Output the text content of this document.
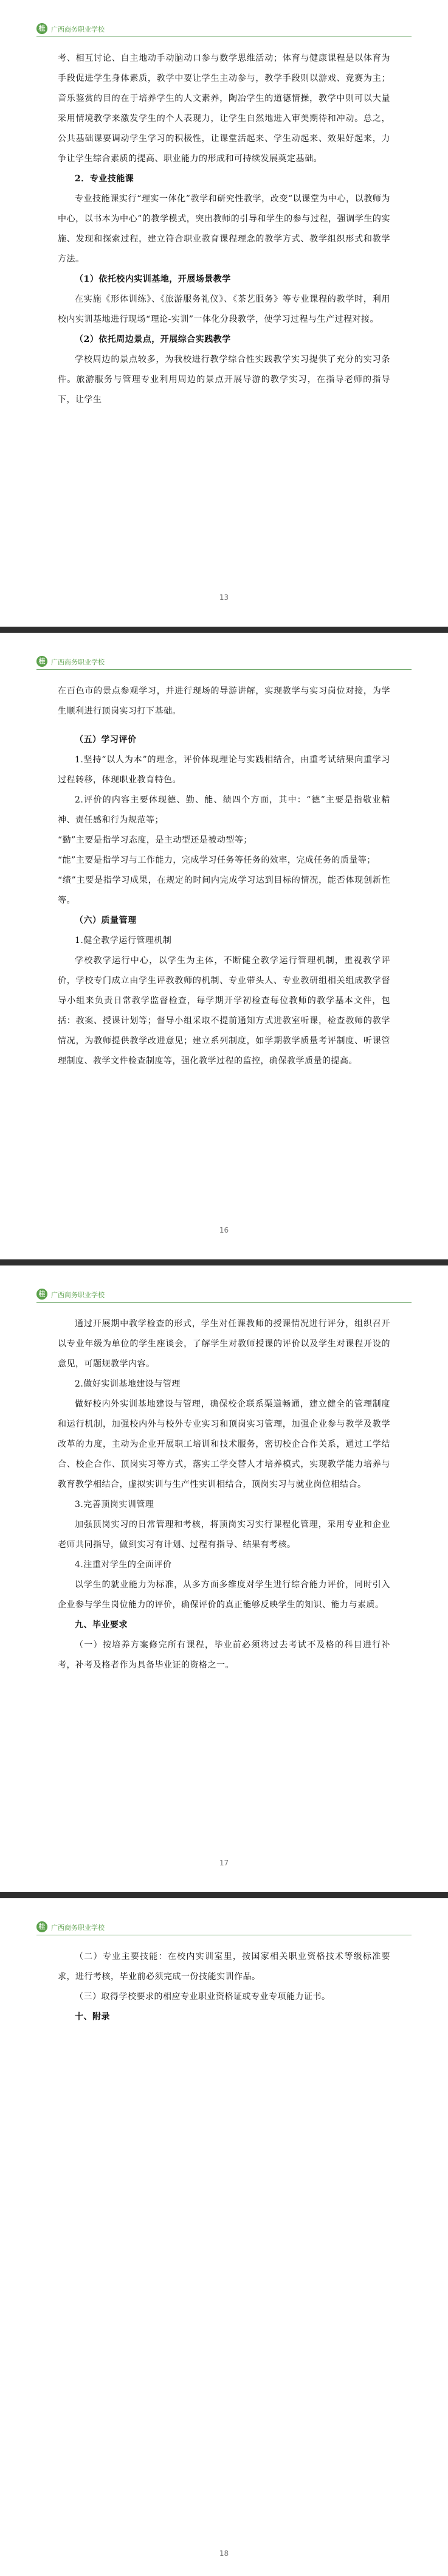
桂 广西商务职业学校

考、相互讨论、自主地动手动脑动口参与数学思维活动；体育与健康课程是以体育为手段促进学生身体素质，教学中要让学生主动参与，教学手段则以游戏、竞赛为主；音乐鉴赏的目的在于培养学生的人文素养，陶冶学生的道德情操，教学中则可以大量采用情境教学来激发学生的个人表现力，让学生自然地进入审美期待和冲动。总之，公共基础课要调动学生学习的积极性，让课堂活起来、学生动起来、效果好起来，力争让学生综合素质的提高、职业能力的形成和可持续发展奠定基础。

2．专业技能课

专业技能课实行“理实一体化”教学和研究性教学，改变“以课堂为中心，以教师为中心，以书本为中心”的教学模式，突出教师的引导和学生的参与过程，强调学生的实施、发现和探索过程，建立符合职业教育课程理念的教学方式、教学组织形式和教学方法。

（1）依托校内实训基地，开展场景教学

在实施《形体训练》、《旅游服务礼仪》、《茶艺服务》等专业课程的教学时，利用校内实训基地进行现场“理论-实训”一体化分段教学，使学习过程与生产过程对接。

（2）依托周边景点，开展综合实践教学

学校周边的景点较多，为我校进行教学综合性实践教学实习提供了充分的实习条件。旅游服务与管理专业利用周边的景点开展导游的教学实习，在指导老师的指导下，让学生

13
桂 广西商务职业学校

在百色市的景点参观学习，并进行现场的导游讲解，实现教学与实习岗位对接，为学生顺利进行顶岗实习打下基础。

（五）学习评价

1.坚持“以人为本”的理念，评价体现理论与实践相结合，由重考试结果向重学习过程转移，体现职业教育特色。

2.评价的内容主要体现德、勤、能、绩四个方面，其中：“德”主要是指敬业精神、责任感和行为规范等；

“勤”主要是指学习态度，是主动型还是被动型等；

“能”主要是指学习与工作能力，完成学习任务等任务的效率，完成任务的质量等；

“绩”主要是指学习成果，在规定的时间内完成学习达到目标的情况，能否体现创新性等。

（六）质量管理

1.健全教学运行管理机制

学校教学运行中心，以学生为主体，不断健全教学运行管理机制，重视教学评价，学校专门成立由学生评教教师的机制、专业带头人、专业教研组相关组成教学督导小组来负责日常教学监督检查，每学期开学初检查每位教师的教学基本文件，包括：教案、授课计划等；督导小组采取不提前通知方式进教室听课，检查教师的教学情况，为教师提供教学改进意见；建立系列制度，如学期教学质量考评制度、听课管理制度、教学文件检查制度等，强化教学过程的监控，确保教学质量的提高。

16
桂 广西商务职业学校

通过开展期中教学检查的形式，学生对任课教师的授课情况进行评分，组织召开以专业年级为单位的学生座谈会，了解学生对教师授课的评价以及学生对课程开设的意见，可题规教学内容。

2.做好实训基地建设与管理

做好校内外实训基地建设与管理，确保校企联系渠道畅通，建立健全的管理制度和运行机制，加强校内外与校外专业实习和顶岗实习管理，加强企业参与教学及教学改革的力度，主动为企业开展职工培训和技术服务，密切校企合作关系，通过工学结合、校企合作、顶岗实习等方式，落实工学交替人才培养模式，实现教学能力培养与教育教学相结合，虚拟实训与生产性实训相结合，顶岗实习与就业岗位相结合。

3.完善顶岗实训管理

加强顶岗实习的日常管理和考核，将顶岗实习实行课程化管理，采用专业和企业老师共同指导，做到实习有计划、过程有指导、结果有考核。

4.注重对学生的全面评价

以学生的就业能力为标准，从多方面多维度对学生进行综合能力评价，同时引入企业参与学生岗位能力的评价，确保评价的真正能够反映学生的知识、能力与素质。

九、毕业要求

（一）按培养方案修完所有课程，毕业前必须将过去考试不及格的科目进行补考，补考及格者作为具备毕业证的资格之一。

17
桂 广西商务职业学校

（二）专业主要技能：在校内实训室里，按国家相关职业资格技术等级标准要求，进行考核，毕业前必须完成一份技能实训作品。

（三）取得学校要求的相应专业职业资格证或专业专项能力证书。

十、附录

18
